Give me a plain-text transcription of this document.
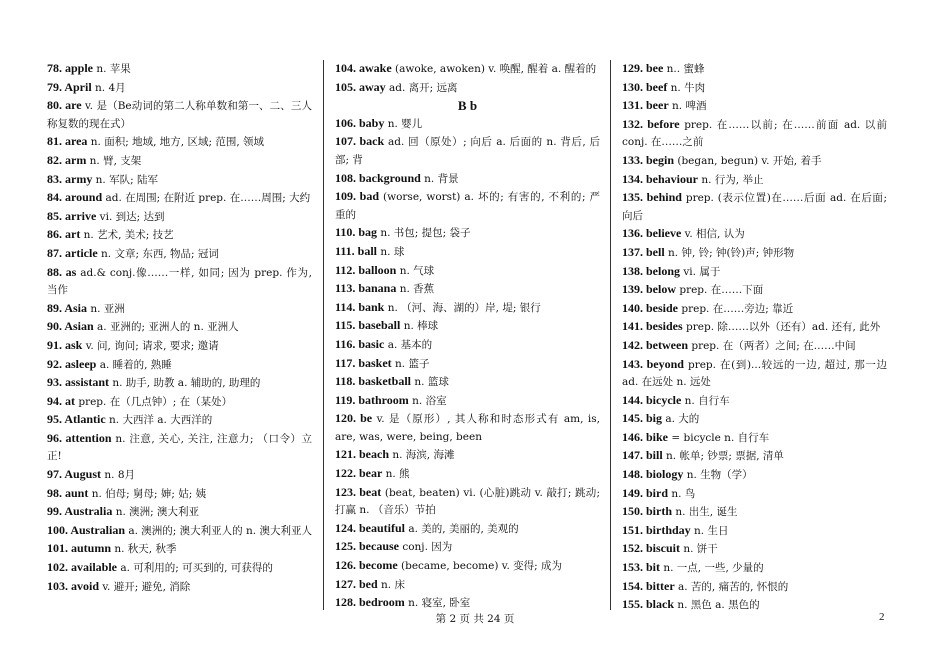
78. apple n. 苹果

79. April n. 4月

80. are v. 是（Be动词的第二人称单数和第一、二、三人称复数的现在式）

81. area n. 面积; 地域, 地方, 区域; 范围, 领域

82. arm n. 臂, 支架

83. army n. 军队; 陆军

84. around ad. 在周围; 在附近 prep. 在……周围; 大约

85. arrive vi. 到达; 达到

86. art n. 艺术, 美术; 技艺

87. article n. 文章; 东西, 物品; 冠词

88. as ad.& conj.像……一样, 如同; 因为 prep. 作为, 当作

89. Asia n. 亚洲

90. Asian a. 亚洲的; 亚洲人的 n. 亚洲人

91. ask v. 问, 询问; 请求, 要求; 邀请

92. asleep a. 睡着的, 熟睡

93. assistant n. 助手, 助教 a. 辅助的, 助理的

94. at prep. 在（几点钟）; 在（某处）

95. Atlantic n. 大西洋 a. 大西洋的

96. attention n. 注意, 关心, 关注, 注意力; （口令）立正!

97. August n. 8月

98. aunt n. 伯母; 舅母; 婶; 姑; 姨

99. Australia n. 澳洲; 澳大利亚

100. Australian a. 澳洲的; 澳大利亚人的 n. 澳大利亚人

101. autumn n. 秋天, 秋季

102. available a. 可利用的; 可买到的, 可获得的

103. avoid v. 避开; 避免, 消除

104. awake (awoke, awoken) v. 唤醒, 醒着 a. 醒着的

105. away ad. 离开; 远离

B b

106. baby n. 婴儿

107. back ad. 回（原处）; 向后 a. 后面的 n. 背后, 后部; 背

108. background n. 背景

109. bad (worse, worst) a. 坏的; 有害的, 不利的; 严重的

110. bag n. 书包; 提包; 袋子

111. ball n. 球

112. balloon n. 气球

113. banana n. 香蕉

114. bank n. （河、海、湖的）岸, 堤; 银行

115. baseball n. 棒球

116. basic a. 基本的

117. basket n. 篮子

118. basketball n. 篮球

119. bathroom n. 浴室

120. be v. 是（原形）, 其人称和时态形式有 am, is, are, was, were, being, been

121. beach n. 海滨, 海滩

122. bear n. 熊

123. beat (beat, beaten) vi. (心脏)跳动 v. 敲打; 跳动; 打赢 n. （音乐）节拍

124. beautiful a. 美的, 美丽的, 美观的

125. because conj. 因为

126. become (became, become) v. 变得; 成为

127. bed n. 床

128. bedroom n. 寝室, 卧室

129. bee n.. 蜜蜂

130. beef n. 牛肉

131. beer n. 啤酒

132. before prep. 在……以前; 在……前面 ad. 以前 conj. 在……之前

133. begin (began, begun) v. 开始, 着手

134. behaviour n. 行为, 举止

135. behind prep. (表示位置)在……后面 ad. 在后面; 向后

136. believe v. 相信, 认为

137. bell n. 钟, 铃; 钟(铃)声; 钟形物

138. belong vi. 属于

139. below prep. 在……下面

140. beside prep. 在……旁边; 靠近

141. besides prep. 除……以外（还有）ad. 还有, 此外

142. between prep. 在（两者）之间; 在……中间

143. beyond prep. 在(到)...较远的一边, 超过, 那一边 ad. 在远处 n. 远处

144. bicycle n. 自行车

145. big a. 大的

146. bike = bicycle n. 自行车

147. bill n. 帐单; 钞票; 票据, 清单

148. biology n. 生物（学）

149. bird n. 鸟

150. birth n. 出生, 诞生

151. birthday n. 生日

152. biscuit n. 饼干

153. bit n. 一点, 一些, 少量的

154. bitter a. 苦的, 痛苦的, 怀恨的

155. black n. 黑色 a. 黑色的

第 2 页 共 24 页	2
